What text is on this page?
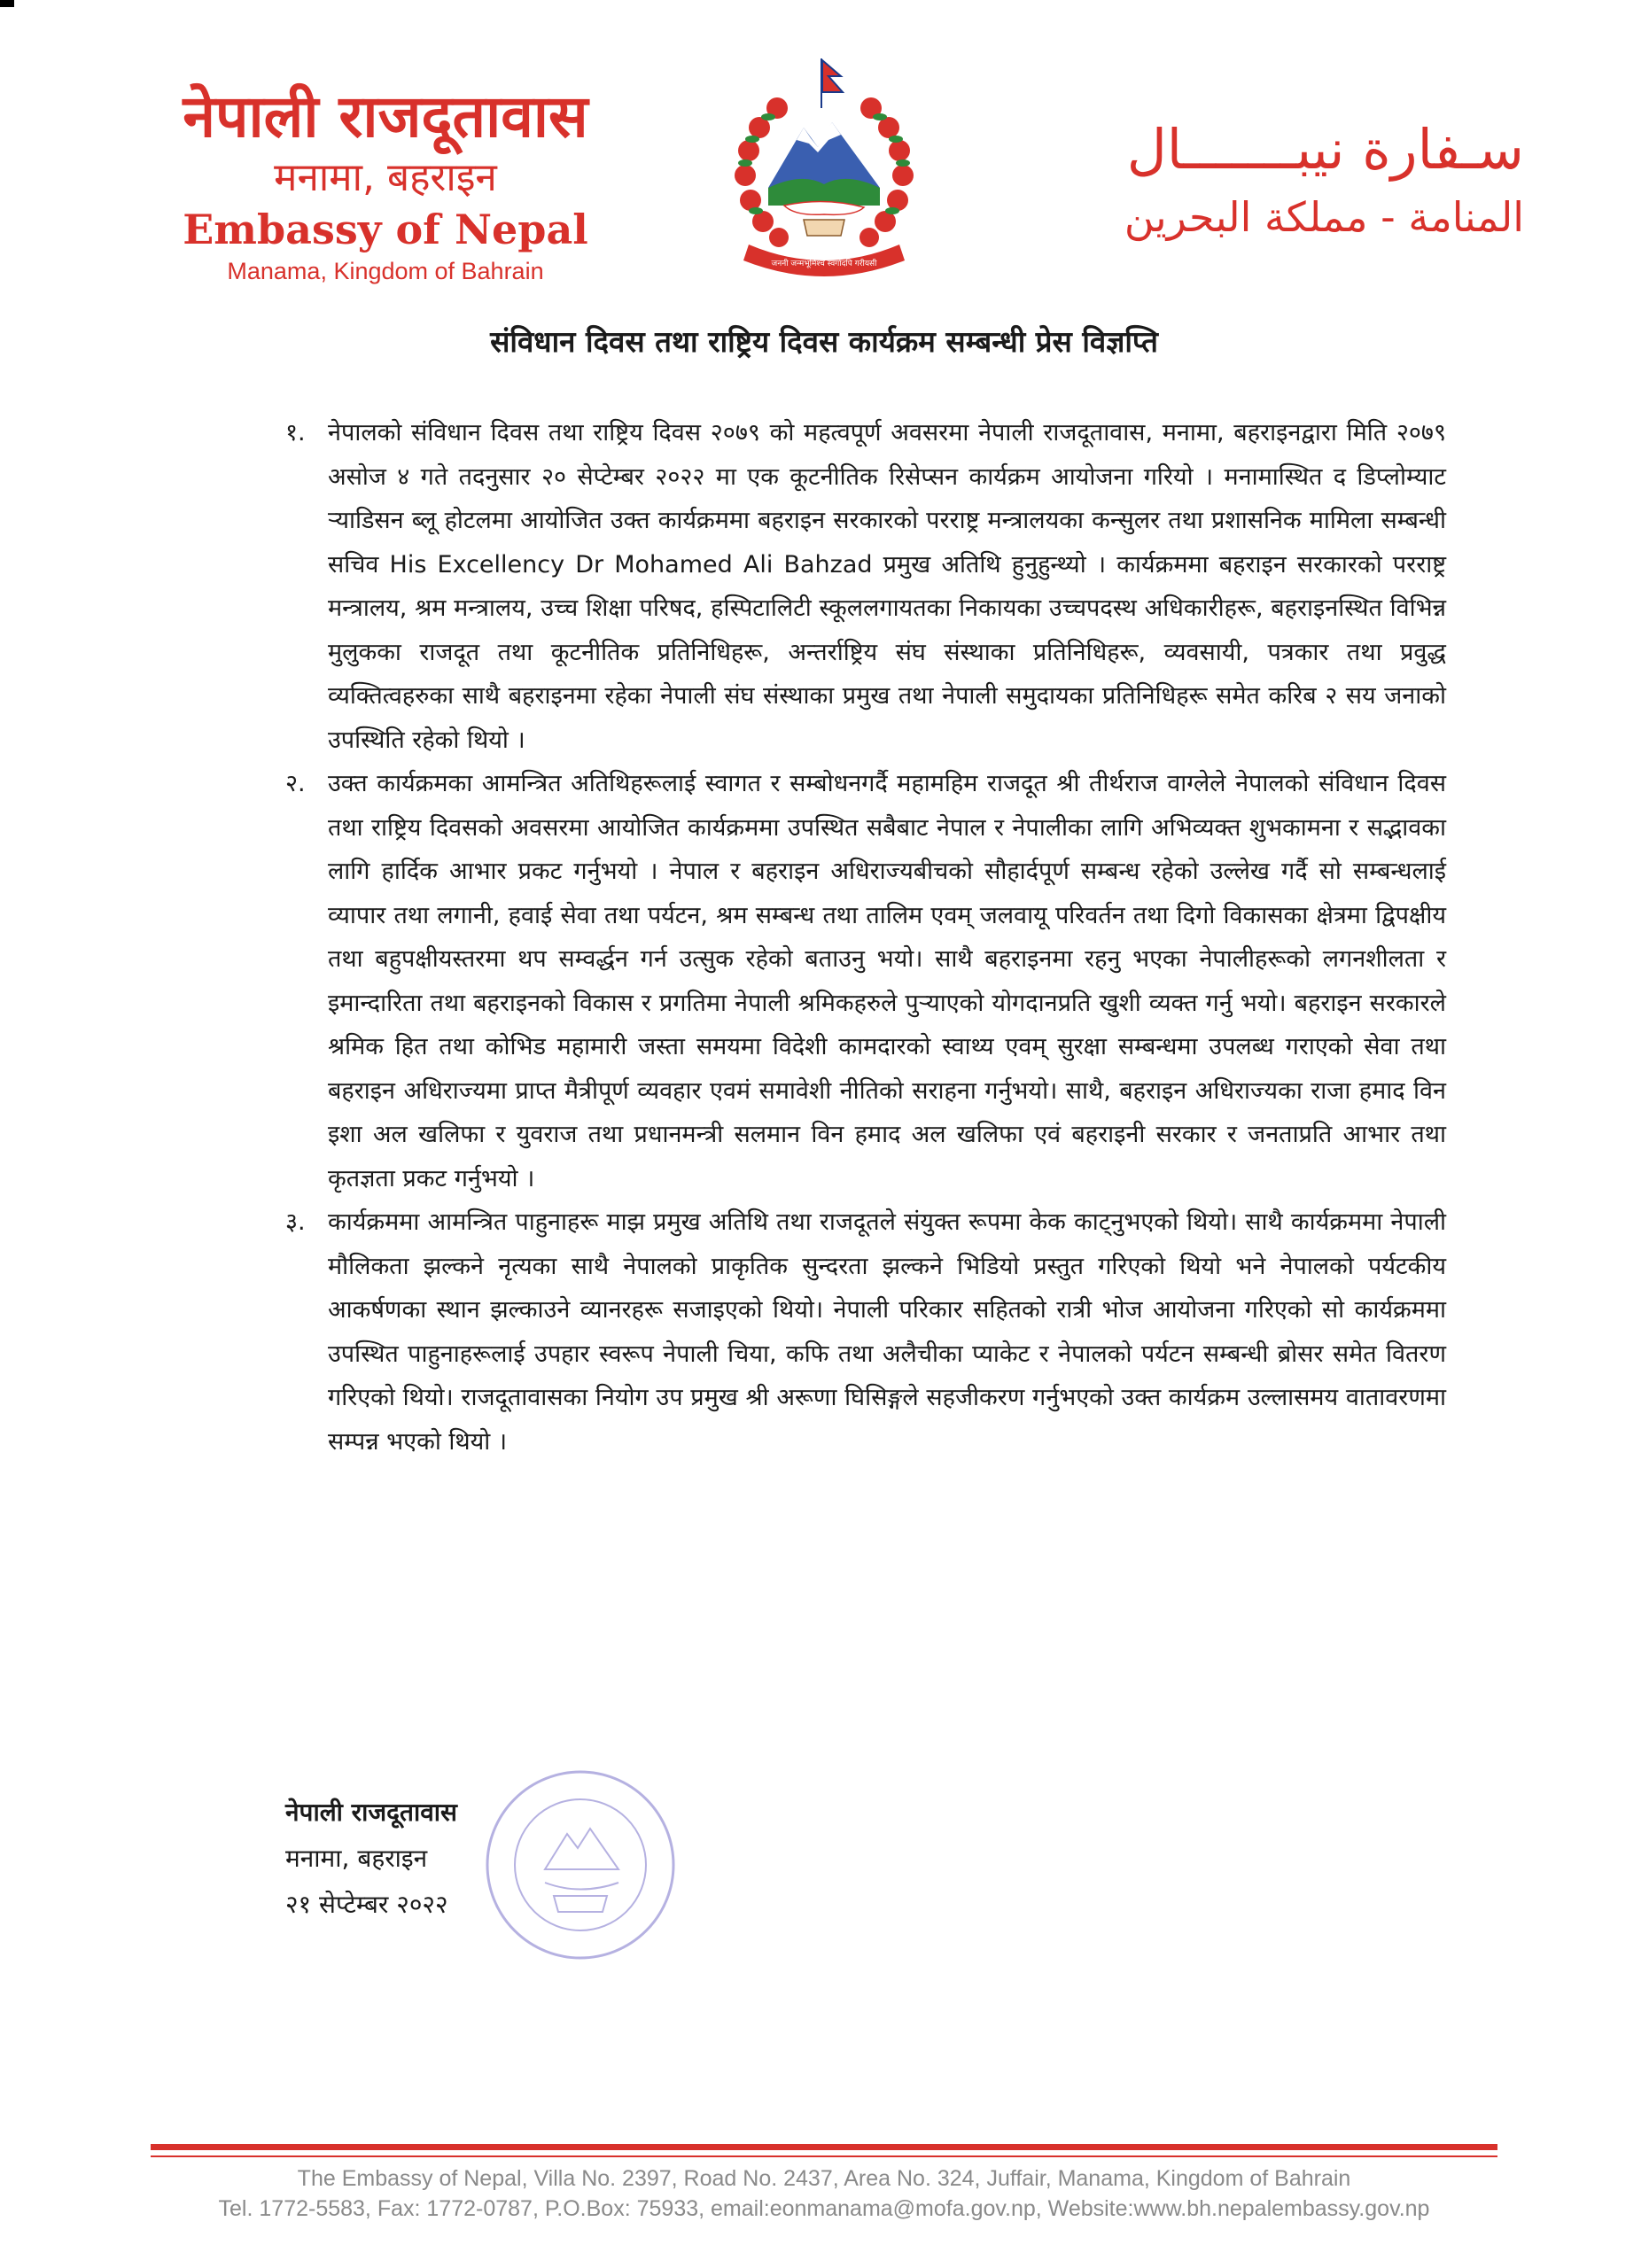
नेपाली राजदूतावास
मनामा, बहराइन
Embassy of Nepal
Manama, Kingdom of Bahrain	जननी जन्मभूमिश्च स्वर्गादपि गरीयसी
سـفارة نيبـــــــال
المنامة - مملكة البحرين
संविधान दिवस तथा राष्ट्रिय दिवस कार्यक्रम सम्बन्धी प्रेस विज्ञप्ति

१. नेपालको संविधान दिवस तथा राष्ट्रिय दिवस २०७९ को महत्वपूर्ण अवसरमा नेपाली राजदूतावास, मनामा, बहराइनद्वारा मिति २०७९ असोज ४ गते तदनुसार २० सेप्टेम्बर २०२२ मा एक कूटनीतिक रिसेप्सन कार्यक्रम आयोजना गरियो । मनामास्थित द डिप्लोम्याट ऱ्याडिसन ब्लू होटलमा आयोजित उक्त कार्यक्रममा बहराइन सरकारको परराष्ट्र मन्त्रालयका कन्सुलर तथा प्रशासनिक मामिला सम्बन्धी सचिव His Excellency Dr Mohamed Ali Bahzad प्रमुख अतिथि हुनुहुन्थ्यो । कार्यक्रममा बहराइन सरकारको परराष्ट्र मन्त्रालय, श्रम मन्त्रालय, उच्च शिक्षा परिषद, हस्पिटालिटी स्कूललगायतका निकायका उच्चपदस्थ अधिकारीहरू, बहराइनस्थित विभिन्न मुलुकका राजदूत तथा कूटनीतिक प्रतिनिधिहरू, अन्तर्राष्ट्रिय संघ संस्थाका प्रतिनिधिहरू, व्यवसायी, पत्रकार तथा प्रवुद्ध व्यक्तित्वहरुका साथै बहराइनमा रहेका नेपाली संघ संस्थाका प्रमुख तथा नेपाली समुदायका प्रतिनिधिहरू समेत करिब २ सय जनाको उपस्थिति रहेको थियो ।

२. उक्त कार्यक्रमका आमन्त्रित अतिथिहरूलाई स्वागत र सम्बोधनगर्दै महामहिम राजदूत श्री तीर्थराज वाग्लेले नेपालको संविधान दिवस तथा राष्ट्रिय दिवसको अवसरमा आयोजित कार्यक्रममा उपस्थित सबैबाट नेपाल र नेपालीका लागि अभिव्यक्त शुभकामना र सद्भावका लागि हार्दिक आभार प्रकट गर्नुभयो । नेपाल र बहराइन अधिराज्यबीचको सौहार्दपूर्ण सम्बन्ध रहेको उल्लेख गर्दै सो सम्बन्धलाई व्यापार तथा लगानी, हवाई सेवा तथा पर्यटन, श्रम सम्बन्ध तथा तालिम एवम् जलवायू परिवर्तन तथा दिगो विकासका क्षेत्रमा द्विपक्षीय तथा बहुपक्षीयस्तरमा थप सम्वर्द्धन गर्न उत्सुक रहेको बताउनु भयो। साथै बहराइनमा रहनु भएका नेपालीहरूको लगनशीलता र इमान्दारिता तथा बहराइनको विकास र प्रगतिमा नेपाली श्रमिकहरुले पुऱ्याएको योगदानप्रति खुशी व्यक्त गर्नु भयो। बहराइन सरकारले श्रमिक हित तथा कोभिड महामारी जस्ता समयमा विदेशी कामदारको स्वाथ्य एवम् सुरक्षा सम्बन्धमा उपलब्ध गराएको सेवा तथा बहराइन अधिराज्यमा प्राप्त मैत्रीपूर्ण व्यवहार एवमं समावेशी नीतिको सराहना गर्नुभयो। साथै, बहराइन अधिराज्यका राजा हमाद विन इशा अल खलिफा र युवराज तथा प्रधानमन्त्री सलमान विन हमाद अल खलिफा एवं बहराइनी सरकार र जनताप्रति आभार तथा कृतज्ञता प्रकट गर्नुभयो ।

३. कार्यक्रममा आमन्त्रित पाहुनाहरू माझ प्रमुख अतिथि तथा राजदूतले संयुक्त रूपमा केक काट्नुभएको थियो। साथै कार्यक्रममा नेपाली मौलिकता झल्कने नृत्यका साथै नेपालको प्राकृतिक सुन्दरता झल्कने भिडियो प्रस्तुत गरिएको थियो भने नेपालको पर्यटकीय आकर्षणका स्थान झल्काउने व्यानरहरू सजाइएको थियो। नेपाली परिकार सहितको रात्री भोज आयोजना गरिएको सो कार्यक्रममा उपस्थित पाहुनाहरूलाई उपहार स्वरूप नेपाली चिया, कफि तथा अलैचीका प्याकेट र नेपालको पर्यटन सम्बन्धी ब्रोसर समेत वितरण गरिएको थियो। राजदूतावासका नियोग उप प्रमुख श्री अरूणा घिसिङ्गले सहजीकरण गर्नुभएको उक्त कार्यक्रम उल्लासमय वातावरणमा सम्पन्न भएको थियो ।

नेपाली राजदूतावास
मनामा, बहराइन
२१ सेप्टेम्बर २०२२
The Embassy of Nepal, Villa No. 2397, Road No. 2437, Area No. 324, Juffair, Manama, Kingdom of Bahrain
Tel. 1772-5583, Fax: 1772-0787, P.O.Box: 75933, email:eonmanama@mofa.gov.np, Website:www.bh.nepalembassy.gov.np
